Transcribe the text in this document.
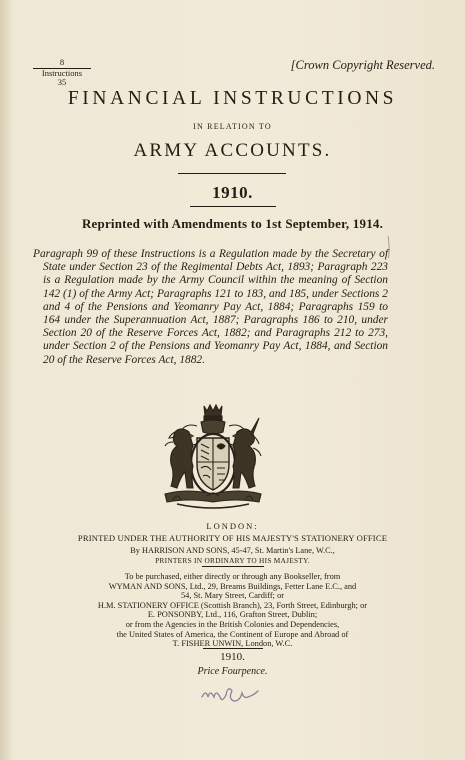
8
Instructions
35
[Crown Copyright Reserved.
FINANCIAL INSTRUCTIONS
IN RELATION TO
ARMY ACCOUNTS.
1910.
Reprinted with Amendments to 1st September, 1914.
Paragraph 99 of these Instructions is a Regulation made by the Secretary of State under Section 23 of the Regimental Debts Act, 1893; Paragraph 223 is a Regulation made by the Army Council within the meaning of Section 142 (1) of the Army Act; Paragraphs 121 to 183, and 185, under Sections 2 and 4 of the Pensions and Yeomanry Pay Act, 1884; Paragraphs 159 to 164 under the Superannuation Act, 1887; Paragraphs 186 to 210, under Section 20 of the Reserve Forces Act, 1882; and Paragraphs 212 to 273, under Section 2 of the Pensions and Yeomanry Pay Act, 1884, and Section 20 of the Reserve Forces Act, 1882.
LONDON:
PRINTED UNDER THE AUTHORITY OF HIS MAJESTY'S STATIONERY OFFICE
By HARRISON AND SONS, 45-47, St. Martin's Lane, W.C.,
PRINTERS IN ORDINARY TO HIS MAJESTY.
To be purchased, either directly or through any Bookseller, from
WYMAN AND SONS, Ltd., 29, Breams Buildings, Fetter Lane E.C., and
54, St. Mary Street, Cardiff; or
H.M. STATIONERY OFFICE (Scottish Branch), 23, Forth Street, Edinburgh; or
E. PONSONBY, Ltd., 116, Grafton Street, Dublin;
or from the Agencies in the British Colonies and Dependencies,
the United States of America, the Continent of Europe and Abroad of
T. FISHER UNWIN, London, W.C.
1910.
Price Fourpence.
